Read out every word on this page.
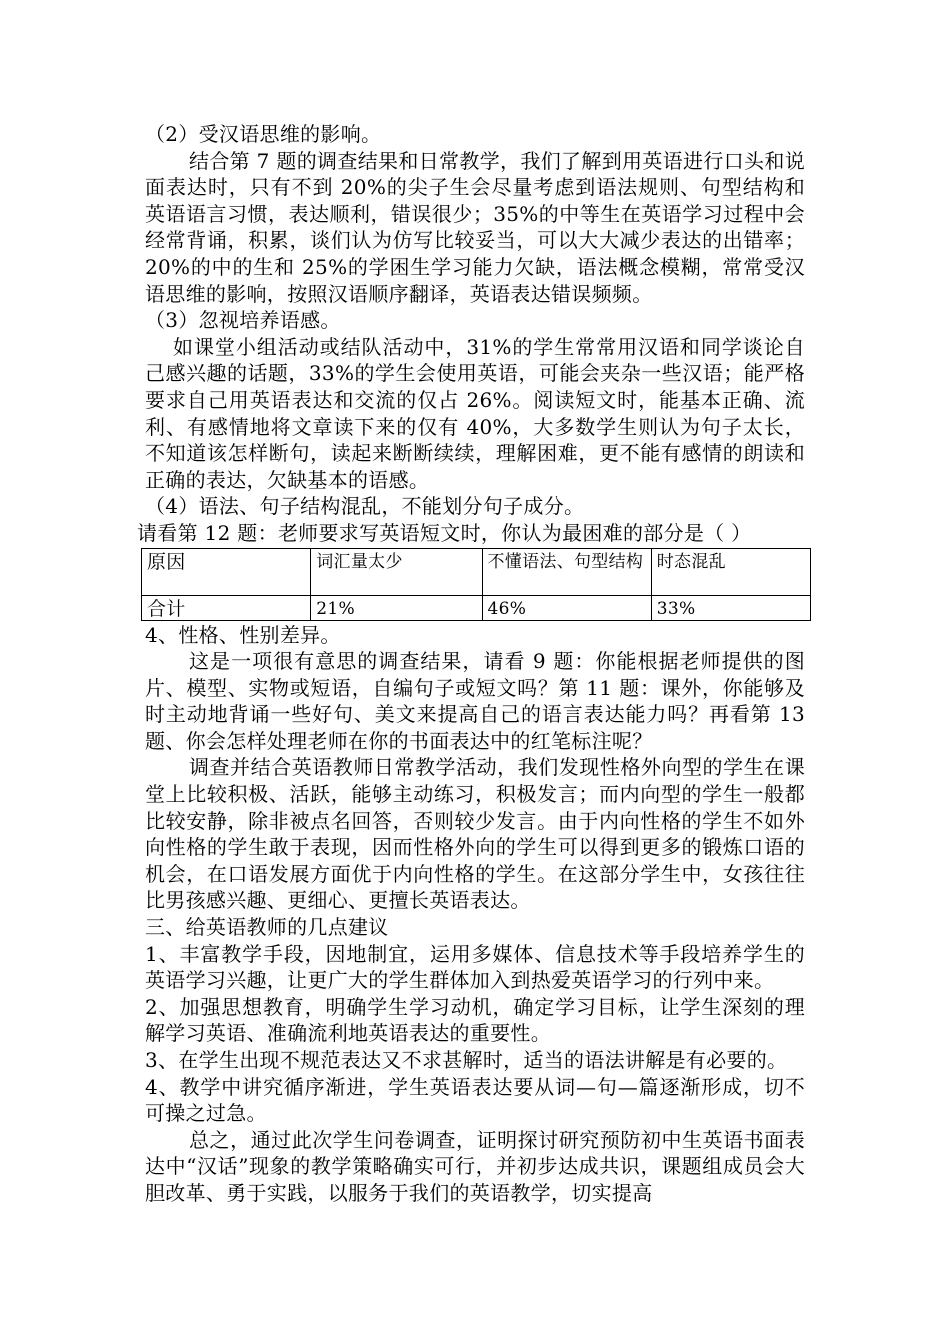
（2）受汉语思维的影响。

结合第 7 题的调查结果和日常教学，我们了解到用英语进行口头和说面表达时，只有不到 20%的尖子生会尽量考虑到语法规则、句型结构和英语语言习惯，表达顺利，错误很少；35%的中等生在英语学习过程中会经常背诵，积累，谈们认为仿写比较妥当，可以大大减少表达的出错率；20%的中的生和 25%的学困生学习能力欠缺，语法概念模糊，常常受汉语思维的影响，按照汉语顺序翻译，英语表达错误频频。

（3）忽视培养语感。

如课堂小组活动或结队活动中，31%的学生常常用汉语和同学谈论自己感兴趣的话题，33%的学生会使用英语，可能会夹杂一些汉语；能严格要求自己用英语表达和交流的仅占 26%。阅读短文时，能基本正确、流利、有感情地将文章读下来的仅有 40%，大多数学生则认为句子太长，不知道该怎样断句，读起来断断续续，理解困难，更不能有感情的朗读和正确的表达，欠缺基本的语感。

（4）语法、句子结构混乱，不能划分句子成分。

请看第 12 题：老师要求写英语短文时，你认为最困难的部分是（ ）

原因	词汇量太少	不懂语法、句型结构	时态混乱
合计	21%	46%	33%

4、性格、性别差异。

这是一项很有意思的调查结果，请看 9 题：你能根据老师提供的图片、模型、实物或短语，自编句子或短文吗？第 11 题：课外，你能够及时主动地背诵一些好句、美文来提高自己的语言表达能力吗？再看第 13 题、你会怎样处理老师在你的书面表达中的红笔标注呢？

调查并结合英语教师日常教学活动，我们发现性格外向型的学生在课堂上比较积极、活跃，能够主动练习，积极发言；而内向型的学生一般都比较安静，除非被点名回答，否则较少发言。由于内向性格的学生不如外向性格的学生敢于表现，因而性格外向的学生可以得到更多的锻炼口语的机会，在口语发展方面优于内向性格的学生。在这部分学生中，女孩往往比男孩感兴趣、更细心、更擅长英语表达。

三、给英语教师的几点建议

1、丰富教学手段，因地制宜，运用多媒体、信息技术等手段培养学生的英语学习兴趣，让更广大的学生群体加入到热爱英语学习的行列中来。

2、加强思想教育，明确学生学习动机，确定学习目标，让学生深刻的理解学习英语、准确流利地英语表达的重要性。

3、在学生出现不规范表达又不求甚解时，适当的语法讲解是有必要的。

4、教学中讲究循序渐进，学生英语表达要从词—句—篇逐渐形成，切不可操之过急。

总之，通过此次学生问卷调查，证明探讨研究预防初中生英语书面表达中“汉话”现象的教学策略确实可行，并初步达成共识，课题组成员会大胆改革、勇于实践，以服务于我们的英语教学，切实提高
